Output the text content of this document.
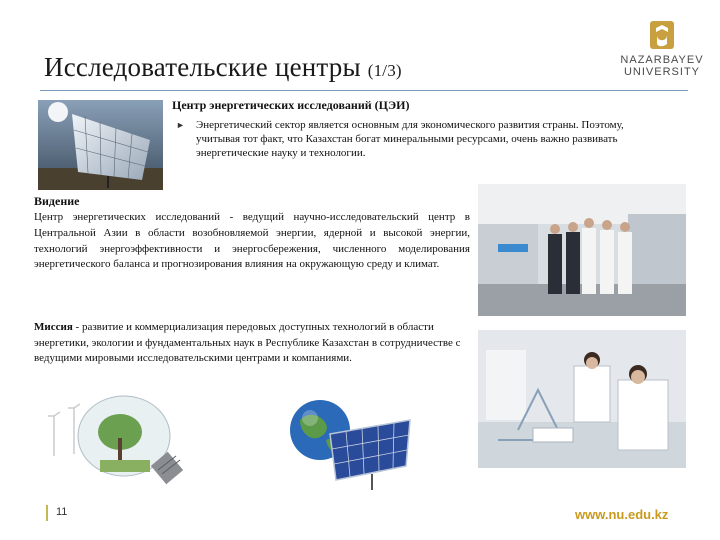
Исследовательские центры (1/3)
NAZARBAYEV
UNIVERSITY
Центр энергетических исследований (ЦЭИ)
► Энергетический сектор является основным для экономического развития страны. Поэтому, учитывая тот факт, что Казахстан богат минеральными ресурсами, очень важно развивать энергетические науку и технологии.
Видение
Центр энергетических исследований - ведущий научно-исследовательский центр в Центральной Азии в области возобновляемой энергии, ядерной и высокой энергии, технологий энергоэффективности и энергосбережения, численного моделирования энергетического баланса и прогнозирования влияния на окружающую среду и климат.
Миссия - развитие и коммерциализация передовых доступных технологий в области энергетики, экологии и фундаментальных наук в Республике Казахстан в сотрудничестве с ведущими мировыми исследовательскими центрами и компаниями.
11	www.nu.edu.kz
